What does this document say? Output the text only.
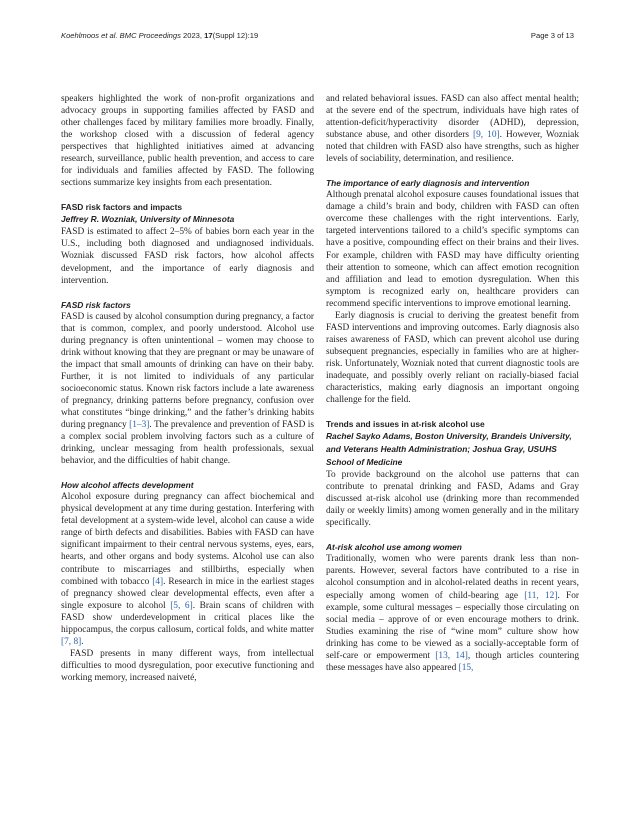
Koehlmoos et al. BMC Proceedings 2023, 17(Suppl 12):19	Page 3 of 13

speakers highlighted the work of non-profit organizations and advocacy groups in supporting families affected by FASD and other challenges faced by military families more broadly. Finally, the workshop closed with a discussion of federal agency perspectives that highlighted initiatives aimed at advancing research, surveillance, public health prevention, and access to care for individuals and families affected by FASD. The following sections summarize key insights from each presentation.

FASD risk factors and impacts
Jeffrey R. Wozniak, University of Minnesota

FASD is estimated to affect 2–5% of babies born each year in the U.S., including both diagnosed and undiagnosed individuals. Wozniak discussed FASD risk factors, how alcohol affects development, and the importance of early diagnosis and intervention.

FASD risk factors

FASD is caused by alcohol consumption during pregnancy, a factor that is common, complex, and poorly understood. Alcohol use during pregnancy is often unintentional – women may choose to drink without knowing that they are pregnant or may be unaware of the impact that small amounts of drinking can have on their baby. Further, it is not limited to individuals of any particular socioeconomic status. Known risk factors include a late awareness of pregnancy, drinking patterns before pregnancy, confusion over what constitutes “binge drinking,” and the father’s drinking habits during pregnancy [1–3]. The prevalence and prevention of FASD is a complex social problem involving factors such as a culture of drinking, unclear messaging from health professionals, sexual behavior, and the difficulties of habit change.

How alcohol affects development

Alcohol exposure during pregnancy can affect biochemical and physical development at any time during gestation. Interfering with fetal development at a system-wide level, alcohol can cause a wide range of birth defects and disabilities. Babies with FASD can have significant impairment to their central nervous systems, eyes, ears, hearts, and other organs and body systems. Alcohol use can also contribute to miscarriages and stillbirths, especially when combined with tobacco [4]. Research in mice in the earliest stages of pregnancy showed clear developmental effects, even after a single exposure to alcohol [5, 6]. Brain scans of children with FASD show underdevelopment in critical places like the hippocampus, the corpus callosum, cortical folds, and white matter [7, 8].

FASD presents in many different ways, from intellectual difficulties to mood dysregulation, poor executive functioning and working memory, increased naiveté,

and related behavioral issues. FASD can also affect mental health; at the severe end of the spectrum, individuals have high rates of attention-deficit/hyperactivity disorder (ADHD), depression, substance abuse, and other disorders [9, 10]. However, Wozniak noted that children with FASD also have strengths, such as higher levels of sociability, determination, and resilience.

The importance of early diagnosis and intervention

Although prenatal alcohol exposure causes foundational issues that damage a child’s brain and body, children with FASD can often overcome these challenges with the right interventions. Early, targeted interventions tailored to a child’s specific symptoms can have a positive, compounding effect on their brains and their lives. For example, children with FASD may have difficulty orienting their attention to someone, which can affect emotion recognition and affiliation and lead to emotion dysregulation. When this symptom is recognized early on, healthcare providers can recommend specific interventions to improve emotional learning.

Early diagnosis is crucial to deriving the greatest benefit from FASD interventions and improving outcomes. Early diagnosis also raises awareness of FASD, which can prevent alcohol use during subsequent pregnancies, especially in families who are at higher-risk. Unfortunately, Wozniak noted that current diagnostic tools are inadequate, and possibly overly reliant on racially-biased facial characteristics, making early diagnosis an important ongoing challenge for the field.

Trends and issues in at-risk alcohol use
Rachel Sayko Adams, Boston University, Brandeis University, and Veterans Health Administration; Joshua Gray, USUHS School of Medicine

To provide background on the alcohol use patterns that can contribute to prenatal drinking and FASD, Adams and Gray discussed at-risk alcohol use (drinking more than recommended daily or weekly limits) among women generally and in the military specifically.

At-risk alcohol use among women

Traditionally, women who were parents drank less than non-parents. However, several factors have contributed to a rise in alcohol consumption and in alcohol-related deaths in recent years, especially among women of child-bearing age [11, 12]. For example, some cultural messages – especially those circulating on social media – approve of or even encourage mothers to drink. Studies examining the rise of “wine mom” culture show how drinking has come to be viewed as a socially-acceptable form of self-care or empowerment [13, 14], though articles countering these messages have also appeared [15,
